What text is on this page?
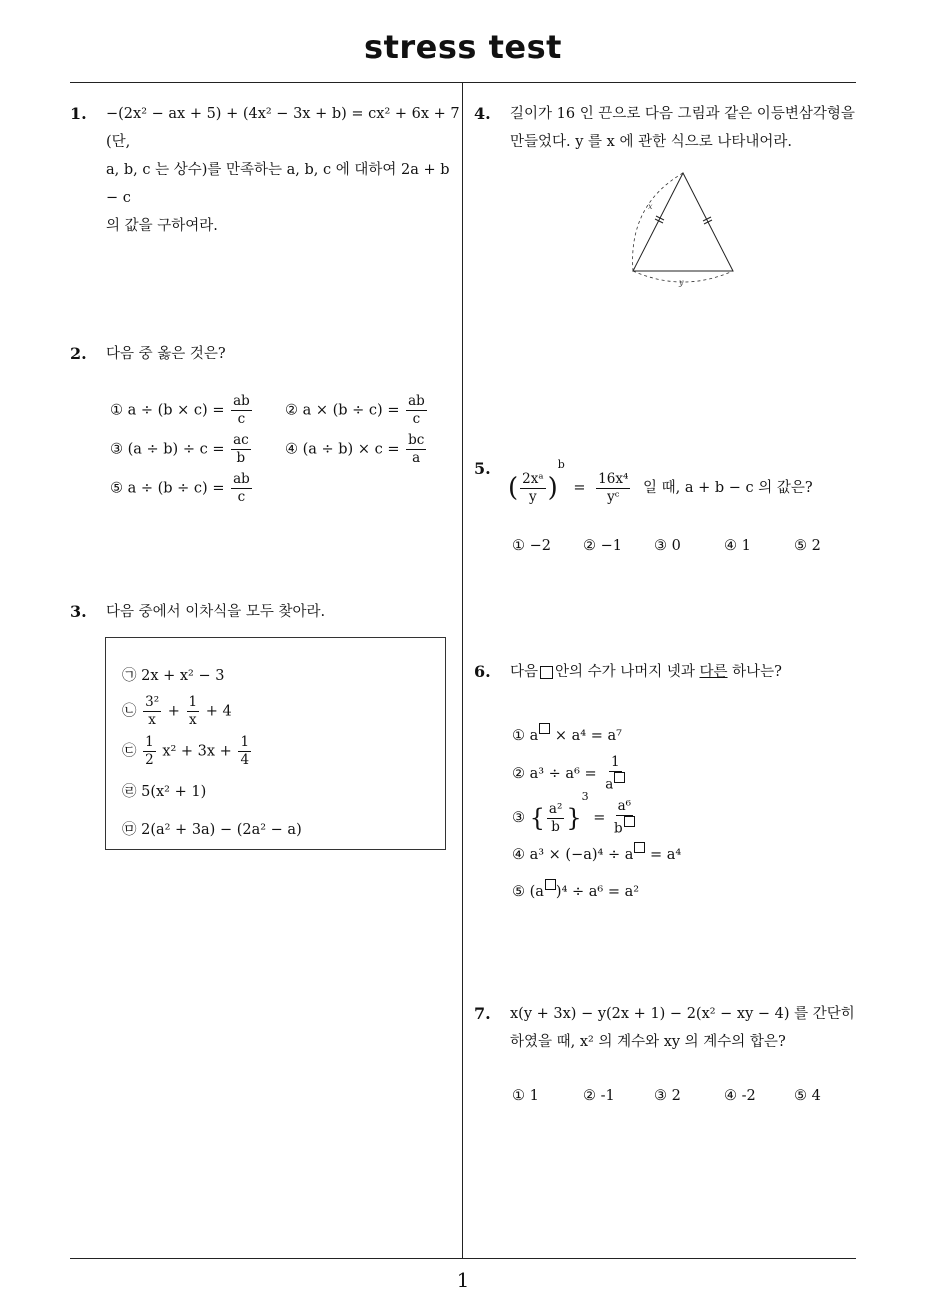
stress test
1
1. −(2x² − ax + 5) + (4x² − 3x + b) = cx² + 6x + 7 (단,
a, b, c 는 상수)를 만족하는 a, b, c 에 대하여 2a + b − c
의 값을 구하여라.
2. 다음 중 옳은 것은?
① $a \div (b \times c) = \frac{ab}{c}$ ② $a \times (b \div c) = \frac{ab}{c}$
③ $(a \div b) \div c = \frac{ac}{b}$ ④ $(a \div b) \times c = \frac{bc}{a}$
⑤ $a \div (b \div c) = \frac{ab}{c}$
3. 다음 중에서 이차식을 모두 찾아라.
㉠ 2x + x² − 3
㉡ $\frac{\text{3²}}{x} + \frac{1}{x} + 4$
㉢ $\frac{1}{2} x^2 + 3x + \frac{1}{4}$
㉣ 5(x² + 1)
㉤ 2(a² + 3a) − (2a² − a)
4. 길이가 16 인 끈으로 다음 그림과 같은 이등변삼각형을
만들었다. y 를 x 에 관한 식으로 나타내어라.
x
y
5.
( $\frac{\text{2xᵃ}}{y} )^b = \frac{\text{16x⁴}}{\text{yᶜ}}$ 일 때, a + b − c 의 값은?
① −2 ② −1 ③ 0	④ 1	⑤ 2
6. 다음 안의 수가 나머지 넷과 다른 하나는?
① a × a⁴ = a⁷
② $a^3 \div a^6 = \frac{1}{a}$
③ { $\frac{\text{a²}}{b} \}^3 = \frac{\text{a⁶}}{b}$
④ a³ × (−a)⁴ ÷ a = a⁴
⑤ (a )⁴ ÷ a⁶ = a²
7. x(y + 3x) − y(2x + 1) − 2(x² − xy − 4) 를 간단히
하였을 때, x² 의 계수와 xy 의 계수의 합은?
① 1	② -1	③ 2	④ -2	⑤ 4
